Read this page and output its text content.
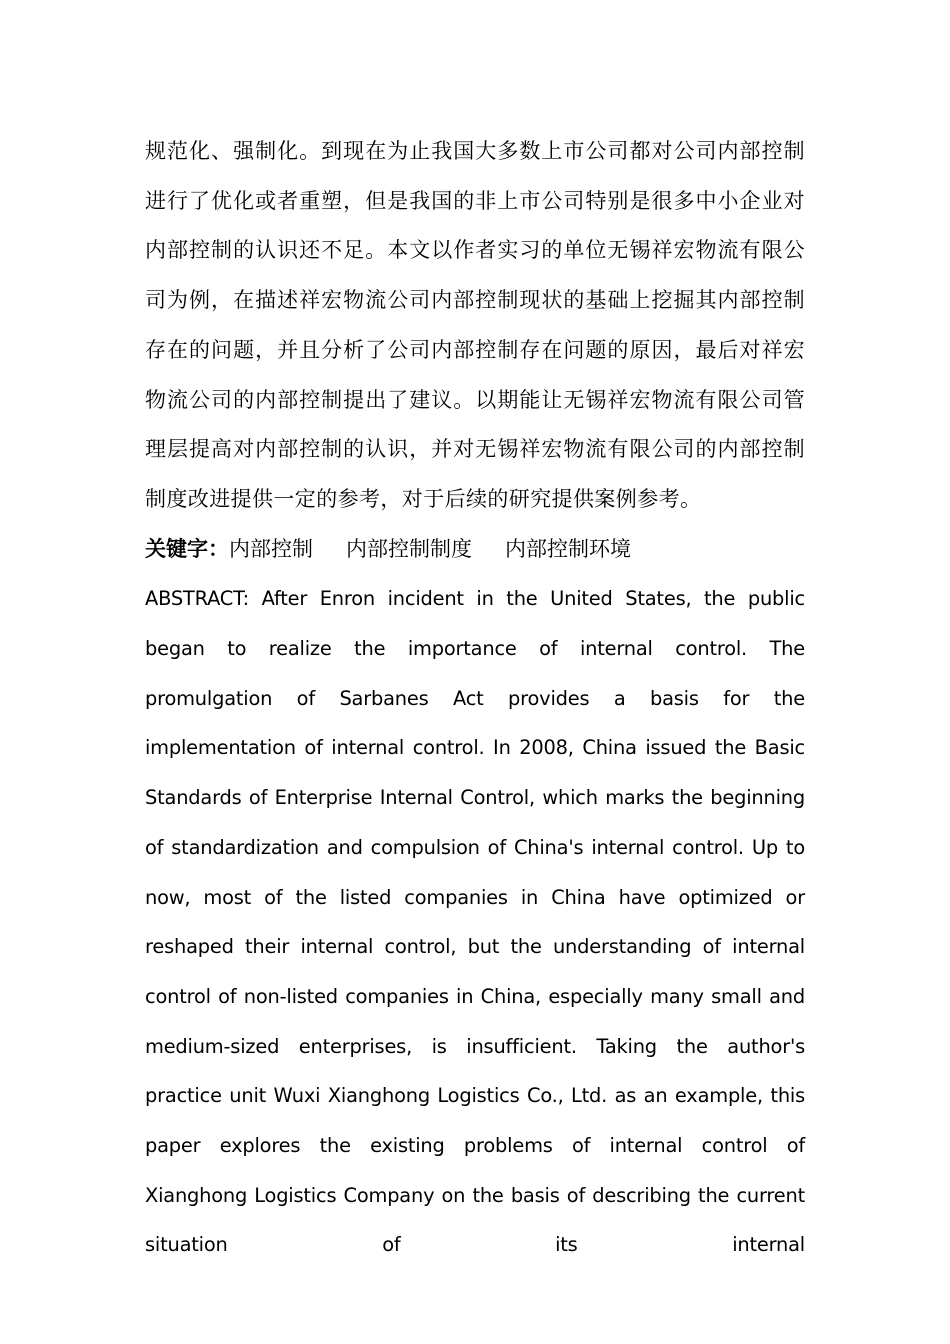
规范化、强制化。到现在为止我国大多数上市公司都对公司内部控制进行了优化或者重塑，但是我国的非上市公司特别是很多中小企业对内部控制的认识还不足。本文以作者实习的单位无锡祥宏物流有限公司为例，在描述祥宏物流公司内部控制现状的基础上挖掘其内部控制存在的问题，并且分析了公司内部控制存在问题的原因，最后对祥宏物流公司的内部控制提出了建议。以期能让无锡祥宏物流有限公司管理层提高对内部控制的认识，并对无锡祥宏物流有限公司的内部控制制度改进提供一定的参考，对于后续的研究提供案例参考。

关键字：内部控制 内部控制制度 内部控制环境

ABSTRACT: After Enron incident in the United States, the public began to realize the importance of internal control. The promulgation of Sarbanes Act provides a basis for the implementation of internal control. In 2008, China issued the Basic Standards of Enterprise Internal Control, which marks the beginning of standardization and compulsion of China's internal control. Up to now, most of the listed companies in China have optimized or reshaped their internal control, but the understanding of internal control of non-listed companies in China, especially many small and medium-sized enterprises, is insufficient. Taking the author's practice unit Wuxi Xianghong Logistics Co., Ltd. as an example, this paper explores the existing problems of internal control of Xianghong Logistics Company on the basis of describing the current situation of its internal
